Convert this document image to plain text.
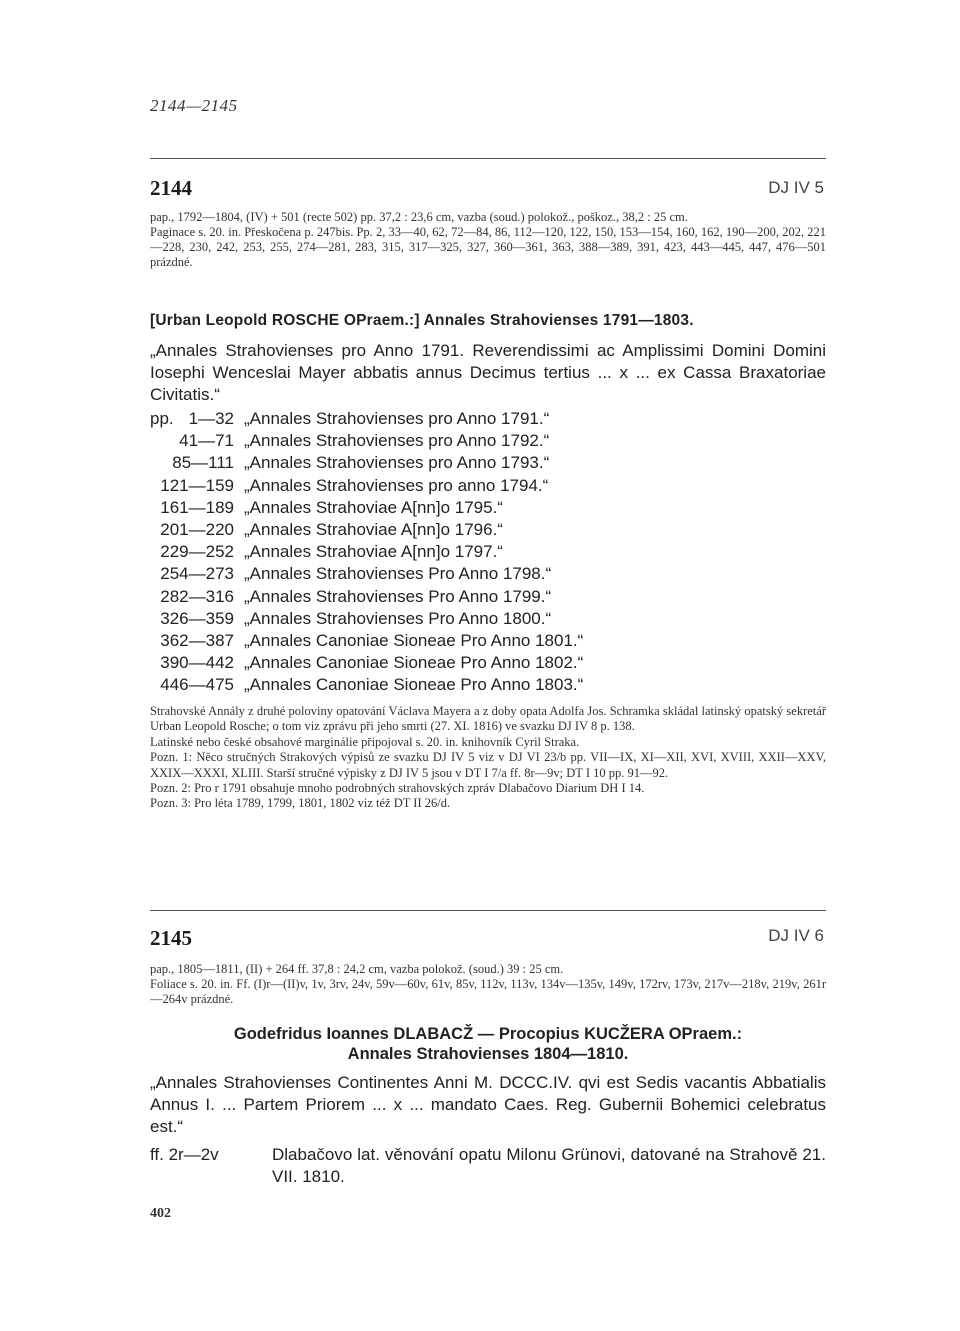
2144—2145
2144	DJ IV 5

pap., 1792—1804, (IV) + 501 (recte 502) pp. 37,2 : 23,6 cm, vazba (soud.) polokož., poškoz., 38,2 : 25 cm.

Paginace s. 20. in. Přeskočena p. 247bis. Pp. 2, 33—40, 62, 72—84, 86, 112—120, 122, 150, 153—154, 160, 162, 190—200, 202, 221—228, 230, 242, 253, 255, 274—281, 283, 315, 317—325, 327, 360—361, 363, 388—389, 391, 423, 443—445, 447, 476—501 prázdné.

[Urban Leopold ROSCHE OPraem.:] Annales Strahovienses 1791—1803.

„Annales Strahovienses pro Anno 1791. Reverendissimi ac Amplissimi Domini Domini Iosephi Wenceslai Mayer abbatis annus Decimus tertius ... x ... ex Cassa Braxatoriae Civitatis.“

pp. 1—32 „Annales Strahovienses pro Anno 1791.“
41—71 „Annales Strahovienses pro Anno 1792.“
85—111 „Annales Strahovienses pro Anno 1793.“
121—159 „Annales Strahovienses pro anno 1794.“
161—189 „Annales Strahoviae A[nn]o 1795.“
201—220 „Annales Strahoviae A[nn]o 1796.“
229—252 „Annales Strahoviae A[nn]o 1797.“
254—273 „Annales Strahovienses Pro Anno 1798.“
282—316 „Annales Strahovienses Pro Anno 1799.“
326—359 „Annales Strahovienses Pro Anno 1800.“
362—387 „Annales Canoniae Sioneae Pro Anno 1801.“
390—442 „Annales Canoniae Sioneae Pro Anno 1802.“
446—475 „Annales Canoniae Sioneae Pro Anno 1803.“

Strahovské Annály z druhé poloviny opatování Václava Mayera a z doby opata Adolfa Jos. Schramka skládal latinský opatský sekretář Urban Leopold Rosche; o tom viz zprávu při jeho smrti (27. XI. 1816) ve svazku DJ IV 8 p. 138.

Latinské nebo české obsahové marginálie připojoval s. 20. in. knihovník Cyril Straka.

Pozn. 1: Něco stručných Strakových výpisů ze svazku DJ IV 5 viz v DJ VI 23/b pp. VII—IX, XI—XII, XVI, XVIII, XXII—XXV, XXIX—XXXI, XLIII. Starší stručné výpisky z DJ IV 5 jsou v DT I 7/a ff. 8r—9v; DT I 10 pp. 91—92.

Pozn. 2: Pro r 1791 obsahuje mnoho podrobných strahovských zpráv Dlabačovo Diarium DH I 14.

Pozn. 3: Pro léta 1789, 1799, 1801, 1802 viz též DT II 26/d.

2145	DJ IV 6

pap., 1805—1811, (II) + 264 ff. 37,8 : 24,2 cm, vazba polokož. (soud.) 39 : 25 cm.

Foliace s. 20. in. Ff. (I)r—(II)v, 1v, 3rv, 24v, 59v—60v, 61v, 85v, 112v, 113v, 134v—135v, 149v, 172rv, 173v, 217v—218v, 219v, 261r—264v prázdné.

Godefridus Ioannes DLABACŽ — Procopius KUCŽERA OPraem.:
Annales Strahovienses 1804—1810.

„Annales Strahovienses Continentes Anni M. DCCC.IV. qvi est Sedis vacantis Abbatialis Annus I. ... Partem Priorem ... x ... mandato Caes. Reg. Gubernii Bohemici celebratus est.“

ff. 2r—2v	Dlabačovo lat. věnování opatu Milonu Grünovi, datované na Strahově 21. VII. 1810.
402
